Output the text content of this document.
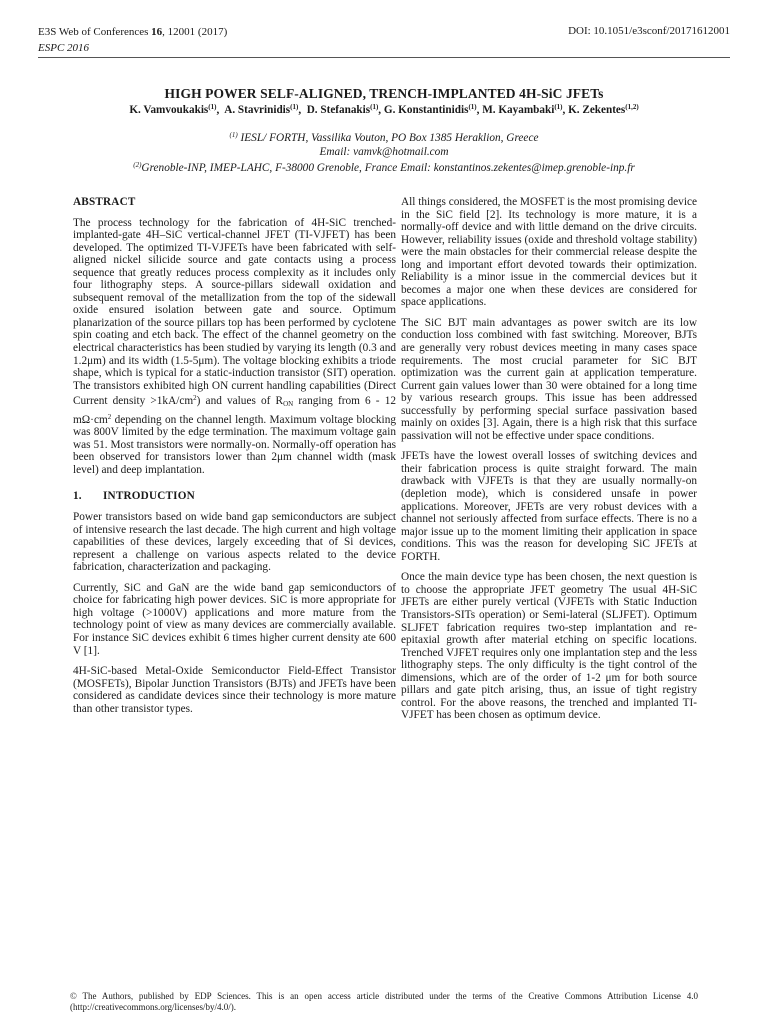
E3S Web of Conferences 16, 12001 (2017)
ESPC 2016
DOI: 10.1051/e3sconf/20171612001
HIGH POWER SELF-ALIGNED, TRENCH-IMPLANTED 4H-SiC JFETs
K. Vamvoukakis$^{(1)}$, A. Stavrinidis$^{(1)}$, D. Stefanakis$^{(1)}$, G. Konstantinidis$^{(1)}$, M. Kayambaki$^{(1)}$, K. Zekentes$^{(1,2)}$
$^{(1)}$ IESL/ FORTH, Vassilika Vouton, PO Box 1385 Heraklion, Greece
Email: vamvk@hotmail.com
$^{(2)}$Grenoble-INP, IMEP-LAHC, F-38000 Grenoble, France Email: konstantinos.zekentes@imep.grenoble-inp.fr
ABSTRACT

The process technology for the fabrication of 4H-SiC trenched-implanted-gate 4H–SiC vertical-channel JFET (TI-VJFET) has been developed. The optimized TI-VJFETs have been fabricated with self-aligned nickel silicide source and gate contacts using a process sequence that greatly reduces process complexity as it includes only four lithography steps. A source-pillars sidewall oxidation and subsequent removal of the metallization from the top of the sidewall oxide ensured isolation between gate and source. Optimum planarization of the source pillars top has been performed by cyclotene spin coating and etch back. The effect of the channel geometry on the electrical characteristics has been studied by varying its length (0.3 and 1.2μm) and its width (1.5-5μm). The voltage blocking exhibits a triode shape, which is typical for a static-induction transistor (SIT) operation. The transistors exhibited high ON current handling capabilities (Direct Current density $>1kA/cm^2$) and values of $R_{ON}$ ranging from 6 - 12 $m\Omega\cdot cm^2$ depending on the channel length. Maximum voltage blocking was 800V limited by the edge termination. The maximum voltage gain was 51. Most transistors were normally-on. Normally-off operation has been observed for transistors lower than 2μm channel width (mask level) and deep implantation.

1. INTRODUCTION

Power transistors based on wide band gap semiconductors are subject of intensive research the last decade. The high current and high voltage capabilities of these devices, largely exceeding that of Si devices, represent a challenge on various aspects related to the device fabrication, characterization and packaging.

Currently, SiC and GaN are the wide band gap semiconductors of choice for fabricating high power devices. SiC is more appropriate for high voltage (>1000V) applications and more mature from the technology point of view as many devices are commercially available. For instance SiC devices exhibit 6 times higher current density ate 600 V [1].

4H-SiC-based Metal-Oxide Semiconductor Field-Effect Transistor (MOSFETs), Bipolar Junction Transistors (BJTs) and JFETs have been considered as candidate devices since their technology is more mature than other transistor types.

All things considered, the MOSFET is the most promising device in the SiC field [2]. Its technology is more mature, it is a normally-off device and with little demand on the drive circuits. However, reliability issues (oxide and threshold voltage stability) were the main obstacles for their commercial release despite the long and important effort devoted towards their optimization. Reliability is a minor issue in the commercial devices but it becomes a major one when these devices are considered for space applications.

The SiC BJT main advantages as power switch are its low conduction loss combined with fast switching. Moreover, BJTs are generally very robust devices meeting in many cases space requirements. The most crucial parameter for SiC BJT optimization was the current gain at application temperature. Current gain values lower than 30 were obtained for a long time by various research groups. This issue has been addressed successfully by performing special surface passivation based mainly on oxides [3]. Again, there is a high risk that this surface passivation will not be effective under space conditions.

JFETs have the lowest overall losses of switching devices and their fabrication process is quite straight forward. The main drawback with VJFETs is that they are usually normally-on (depletion mode), which is considered unsafe in power applications. Moreover, JFETs are very robust devices with a channel not seriously affected from surface effects. There is no a major issue up to the moment limiting their application in space conditions. This was the reason for developing SiC JFETs at FORTH.

Once the main device type has been chosen, the next question is to choose the appropriate JFET geometry The usual 4H-SiC JFETs are either purely vertical (VJFETs with Static Induction Transistors-SITs operation) or Semi-lateral (SLJFET). Optimum SLJFET fabrication requires two-step implantation and re-epitaxial growth after material etching on specific locations. Trenched VJFET requires only one implantation step and the less lithography steps. The only difficulty is the tight control of the dimensions, which are of the order of 1-2 μm for both source pillars and gate pitch arising, thus, an issue of tight registry control. For the above reasons, the trenched and implanted TI-VJFET has been chosen as optimum device.

© The Authors, published by EDP Sciences. This is an open access article distributed under the terms of the Creative Commons Attribution License 4.0 (http://creativecommons.org/licenses/by/4.0/).
